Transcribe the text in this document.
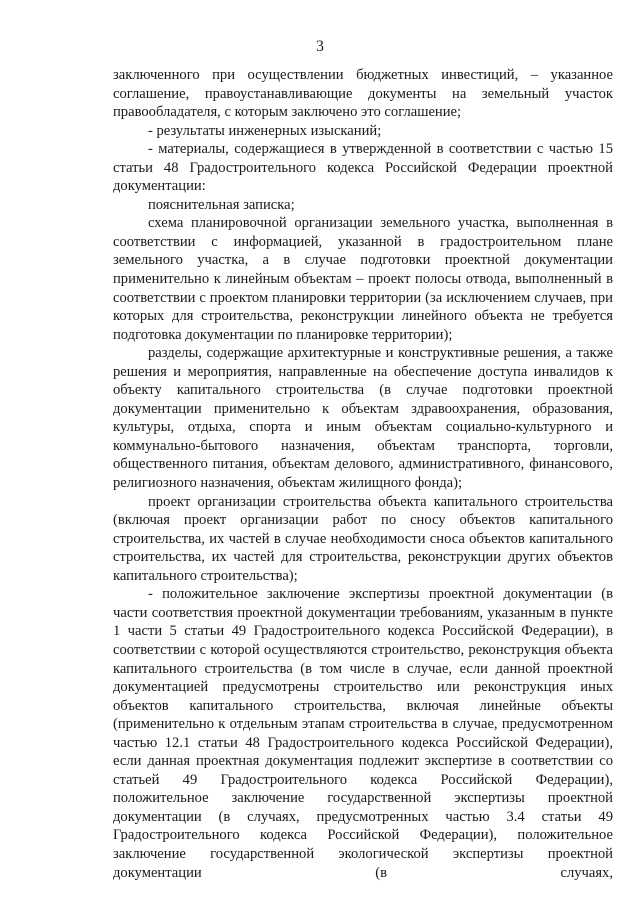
3

заключенного при осуществлении бюджетных инвестиций, – указанное соглашение, правоустанавливающие документы на земельный участок правообладателя, с которым заключено это соглашение;

- результаты инженерных изысканий;

- материалы, содержащиеся в утвержденной в соответствии с частью 15 статьи 48 Градостроительного кодекса Российской Федерации проектной документации:

пояснительная записка;

схема планировочной организации земельного участка, выполненная в соответствии с информацией, указанной в градостроительном плане земельного участка, а в случае подготовки проектной документации применительно к линейным объектам – проект полосы отвода, выполненный в соответствии с проектом планировки территории (за исключением случаев, при которых для строительства, реконструкции линейного объекта не требуется подготовка документации по планировке территории);

разделы, содержащие архитектурные и конструктивные решения, а также решения и мероприятия, направленные на обеспечение доступа инвалидов к объекту капитального строительства (в случае подготовки проектной документации применительно к объектам здравоохранения, образования, культуры, отдыха, спорта и иным объектам социально-культурного и коммунально-бытового назначения, объектам транспорта, торговли, общественного питания, объектам делового, административного, финансового, религиозного назначения, объектам жилищного фонда);

проект организации строительства объекта капитального строительства (включая проект организации работ по сносу объектов капитального строительства, их частей в случае необходимости сноса объектов капитального строительства, их частей для строительства, реконструкции других объектов капитального строительства);

- положительное заключение экспертизы проектной документации (в части соответствия проектной документации требованиям, указанным в пункте 1 части 5 статьи 49 Градостроительного кодекса Российской Федерации), в соответствии с которой осуществляются строительство, реконструкция объекта капитального строительства (в том числе в случае, если данной проектной документацией предусмотрены строительство или реконструкция иных объектов капитального строительства, включая линейные объекты (применительно к отдельным этапам строительства в случае, предусмотренном частью 12.1 статьи 48 Градостроительного кодекса Российской Федерации), если данная проектная документация подлежит экспертизе в соответствии со статьей 49 Градостроительного кодекса Российской Федерации), положительное заключение государственной экспертизы проектной документации (в случаях, предусмотренных частью 3.4 статьи 49 Градостроительного кодекса Российской Федерации), положительное заключение государственной экологической экспертизы проектной документации (в случаях,
